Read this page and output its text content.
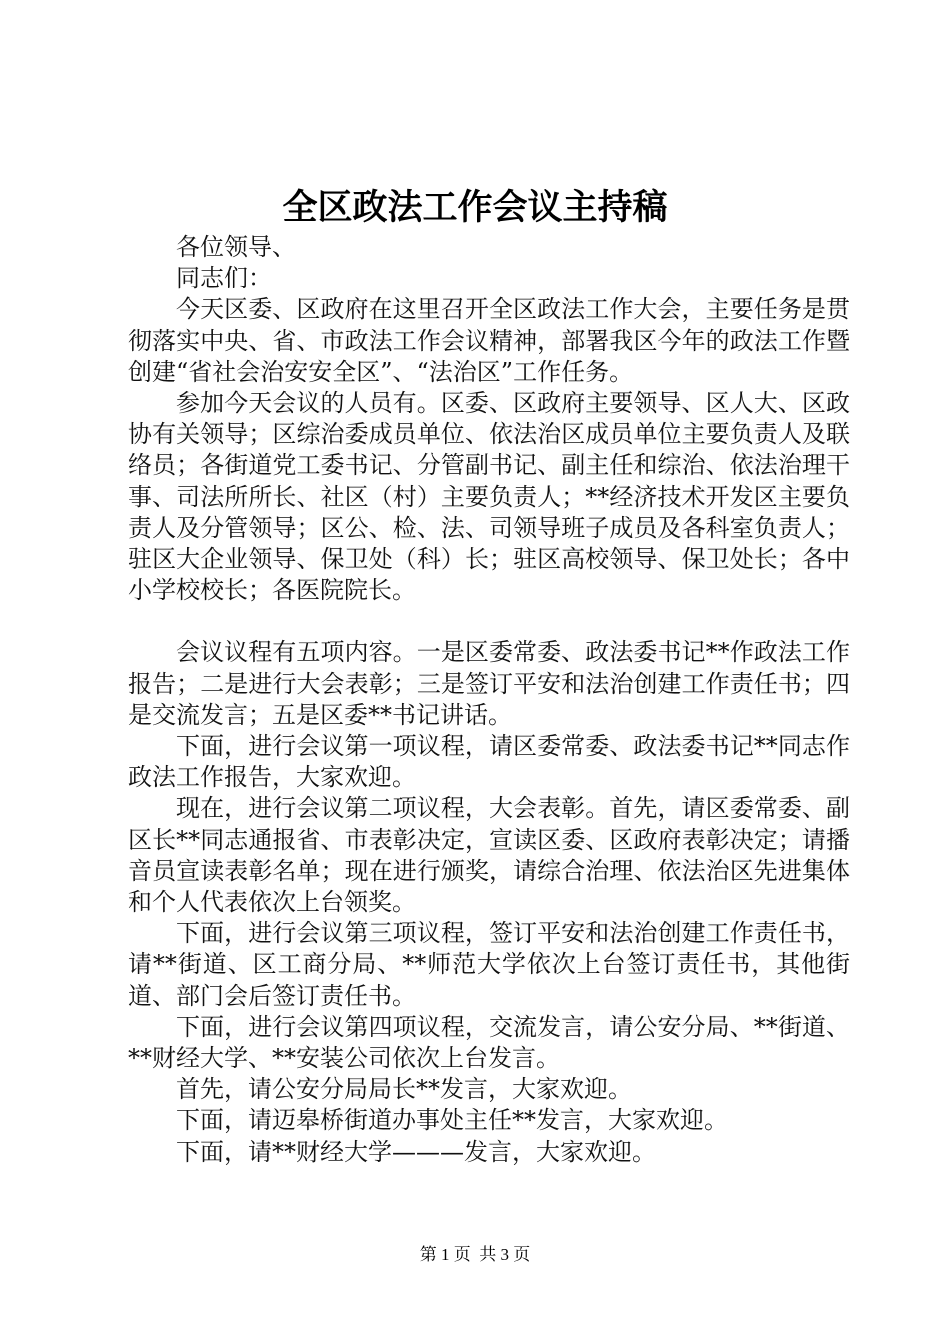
全区政法工作会议主持稿

各位领导、

同志们：

今天区委、区政府在这里召开全区政法工作大会，主要任务是贯彻落实中央、省、市政法工作会议精神，部署我区今年的政法工作暨创建“省社会治安安全区”、“法治区”工作任务。

参加今天会议的人员有。区委、区政府主要领导、区人大、区政协有关领导；区综治委成员单位、依法治区成员单位主要负责人及联络员；各街道党工委书记、分管副书记、副主任和综治、依法治理干事、司法所所长、社区（村）主要负责人；**经济技术开发区主要负责人及分管领导；区公、检、法、司领导班子成员及各科室负责人；驻区大企业领导、保卫处（科）长；驻区高校领导、保卫处长；各中小学校校长；各医院院长。

会议议程有五项内容。一是区委常委、政法委书记**作政法工作报告；二是进行大会表彰；三是签订平安和法治创建工作责任书；四是交流发言；五是区委**书记讲话。

下面，进行会议第一项议程，请区委常委、政法委书记**同志作政法工作报告，大家欢迎。

现在，进行会议第二项议程，大会表彰。首先，请区委常委、副区长**同志通报省、市表彰决定，宣读区委、区政府表彰决定；请播音员宣读表彰名单；现在进行颁奖，请综合治理、依法治区先进集体和个人代表依次上台领奖。

下面，进行会议第三项议程，签订平安和法治创建工作责任书，请**街道、区工商分局、**师范大学依次上台签订责任书，其他街道、部门会后签订责任书。

下面，进行会议第四项议程，交流发言，请公安分局、**街道、**财经大学、**安装公司依次上台发言。

首先，请公安分局局长**发言，大家欢迎。

下面，请迈皋桥街道办事处主任**发言，大家欢迎。

下面，请**财经大学———发言，大家欢迎。

第 1 页  共 3 页
